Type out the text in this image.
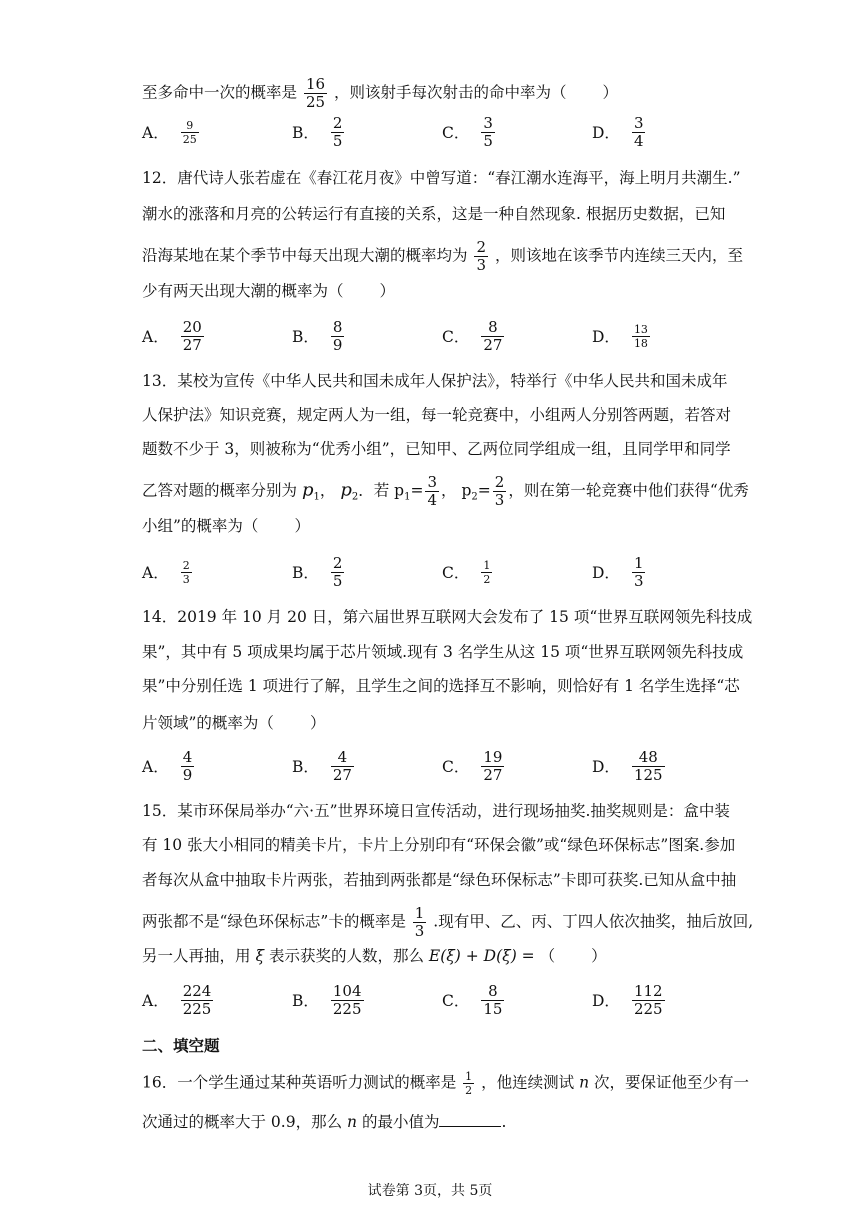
至多命中一次的概率是 $\frac{16}{25}$ ，则该射手每次射击的命中率为（ ）
A． $\frac{9}{25}$	B． $\frac{2}{5}$	C． $\frac{3}{5}$	D． $\frac{3}{4}$
12．唐代诗人张若虚在《春江花月夜》中曾写道：“春江潮水连海平，海上明月共潮生.”
潮水的涨落和月亮的公转运行有直接的关系，这是一种自然现象. 根据历史数据，已知
沿海某地在某个季节中每天出现大潮的概率均为 $\frac{2}{3}$ ，则该地在该季节内连续三天内，至
少有两天出现大潮的概率为（ ）
A． $\frac{20}{27}$	B． $\frac{8}{9}$	C． $\frac{8}{27}$	D． $\frac{13}{18}$
13．某校为宣传《中华人民共和国未成年人保护法》，特举行《中华人民共和国未成年
人保护法》知识竞赛，规定两人为一组，每一轮竞赛中，小组两人分别答两题，若答对
题数不少于 3，则被称为“优秀小组”，已知甲、乙两位同学组成一组，且同学甲和同学
乙答对题的概率分别为 $p_1$， $p_2$．若 $p_1= \frac{3}{4}$ ， $p_2= \frac{2}{3}$ ，则在第一轮竞赛中他们获得“优秀
小组”的概率为（ ）
A． $\frac{2}{3}$	B． $\frac{2}{5}$	C． $\frac{1}{2}$	D． $\frac{1}{3}$
14．2019 年 10 月 20 日，第六届世界互联网大会发布了 15 项“世界互联网领先科技成
果”，其中有 5 项成果均属于芯片领域.现有 3 名学生从这 15 项“世界互联网领先科技成
果”中分别任选 1 项进行了解，且学生之间的选择互不影响，则恰好有 1 名学生选择“芯
片领域”的概率为（ ）
A． $\frac{4}{9}$	B． $\frac{4}{27}$	C． $\frac{19}{27}$	D． $\frac{48}{125}$
15．某市环保局举办“六·五”世界环境日宣传活动，进行现场抽奖.抽奖规则是：盒中装
有 10 张大小相同的精美卡片，卡片上分别印有“环保会徽”或“绿色环保标志”图案.参加
者每次从盒中抽取卡片两张，若抽到两张都是“绿色环保标志”卡即可获奖.已知从盒中抽
两张都不是“绿色环保标志”卡的概率是 $\frac{1}{3}$ .现有甲、乙、丙、丁四人依次抽奖，抽后放回,
另一人再抽，用 ξ 表示获奖的人数，那么 E(ξ) + D(ξ) = （ ）
A． $\frac{224}{225}$	B． $\frac{104}{225}$	C． $\frac{8}{15}$	D． $\frac{112}{225}$
二、填空题
16．一个学生通过某种英语听力测试的概率是 $\frac{1}{2}$ ，他连续测试 n 次，要保证他至少有一
次通过的概率大于 0.9，那么 n 的最小值为	.
试卷第 3页，共 5页
